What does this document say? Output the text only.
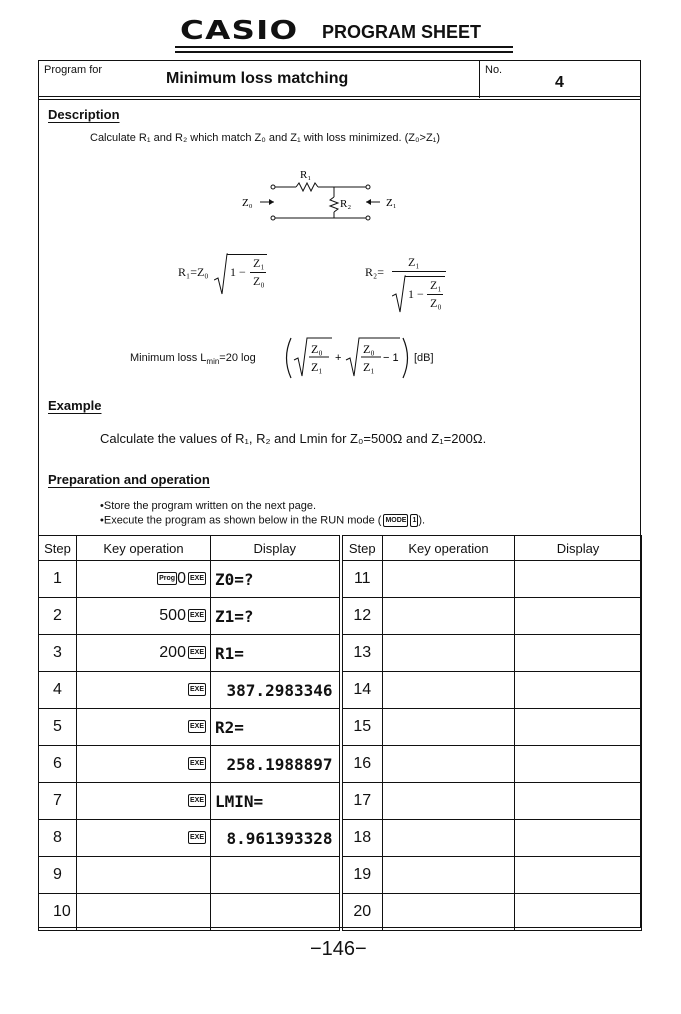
CASIO PROGRAM SHEET
Program for	Minimum loss matching	No.
4
Description
Calculate R₁ and R₂ which match Z₀ and Z₁ with loss minimized. (Z₀>Z₁)
R₁
R₂
Z₀	Z₁
R₁=Z₀ 1 −
Z₁
Z₀
R₂=
Z₁
1 −
Z₁
Z₀
Minimum loss $L_{min}=20$ log
Z₀
Z₁
+
Z₀
Z₁
− 1 [dB]
Example
Calculate the values of R₁, R₂ and Lmin for Z₀=500Ω and Z₁=200Ω.
Preparation and operation
•Store the program written on the next page.
•Execute the program as shown below in the RUN mode ( MODE 1 ).
Step	Key operation	Display	Step	Key operation	Display
1	Prog 0 EXE	Z0=?	11		
2	500 EXE	Z1=?	12		
3	200 EXE	R1=	13		
4	EXE	387.2983346	14		
5	EXE	R2=	15		
6	EXE	258.1988897	16		
7	EXE	LMIN=	17		
8	EXE	8.961393328	18		
9			19		
10			20		
−146−
